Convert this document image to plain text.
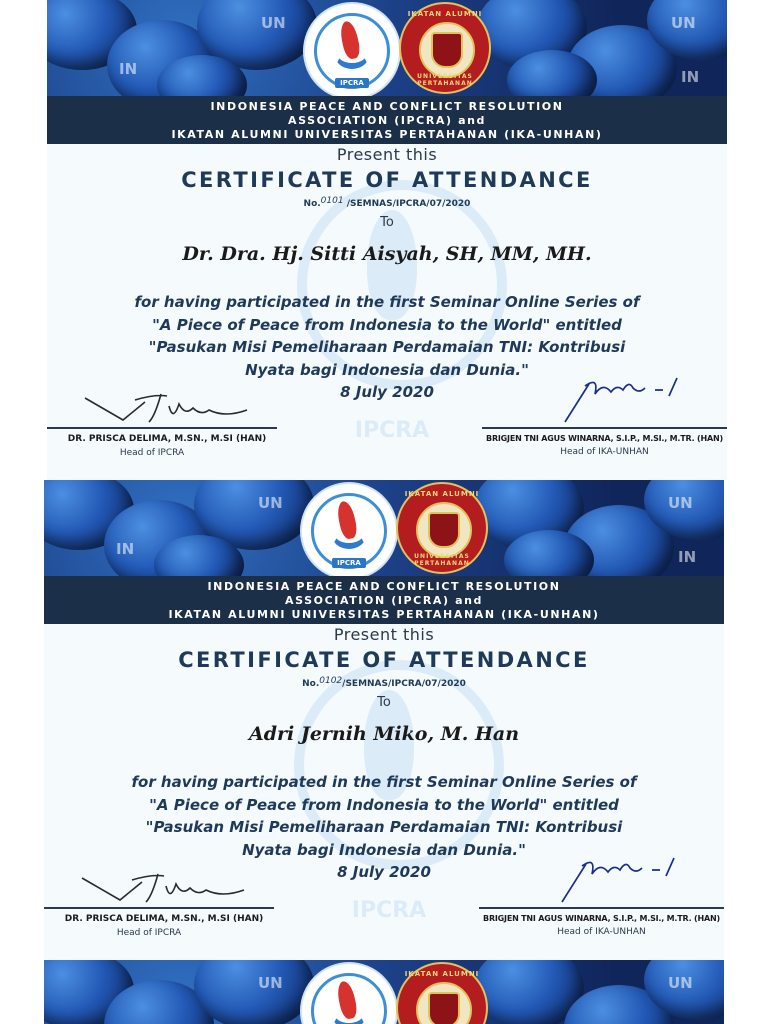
UN
IN
UN
IN
IPCRA
IKATAN ALUMNI
UNIVERSITAS PERTAHANAN
INDONESIA PEACE AND CONFLICT RESOLUTION
ASSOCIATION (IPCRA) and
IKATAN ALUMNI UNIVERSITAS PERTAHANAN (IKA-UNHAN)
IPCRA
Present this
CERTIFICATE OF ATTENDANCE
No.0101 /SEMNAS/IPCRA/07/2020
To
Dr. Dra. Hj. Sitti Aisyah, SH, MM, MH.
for having participated in the first Seminar Online Series of
"A Piece of Peace from Indonesia to the World" entitled
"Pasukan Misi Pemeliharaan Perdamaian TNI: Kontribusi
Nyata bagi Indonesia dan Dunia."
8 July 2020
DR. PRISCA DELIMA, M.SN., M.SI (HAN)
Head of IPCRA
BRIGJEN TNI AGUS WINARNA, S.I.P., M.SI., M.TR. (HAN)
Head of IKA-UNHAN
UN
IN
UN
IN
IPCRA
IKATAN ALUMNI
UNIVERSITAS PERTAHANAN
INDONESIA PEACE AND CONFLICT RESOLUTION
ASSOCIATION (IPCRA) and
IKATAN ALUMNI UNIVERSITAS PERTAHANAN (IKA-UNHAN)
IPCRA
Present this
CERTIFICATE OF ATTENDANCE
No.0102/SEMNAS/IPCRA/07/2020
To
Adri Jernih Miko, M. Han
for having participated in the first Seminar Online Series of
"A Piece of Peace from Indonesia to the World" entitled
"Pasukan Misi Pemeliharaan Perdamaian TNI: Kontribusi
Nyata bagi Indonesia dan Dunia."
8 July 2020
DR. PRISCA DELIMA, M.SN., M.SI (HAN)
Head of IPCRA
BRIGJEN TNI AGUS WINARNA, S.I.P., M.SI., M.TR. (HAN)
Head of IKA-UNHAN
UN	UN
IKATAN ALUMNI
